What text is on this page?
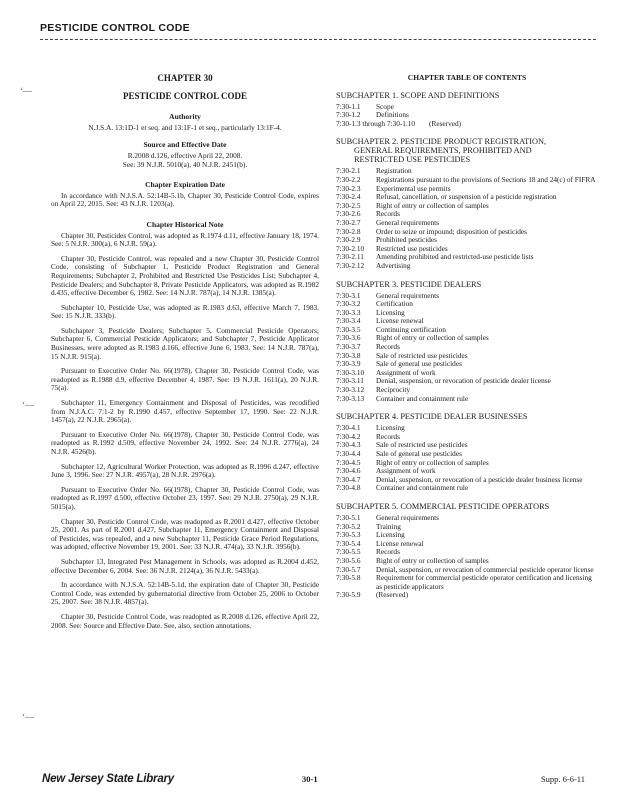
PESTICIDE CONTROL CODE
‘—
‘—
‘—
CHAPTER 30
PESTICIDE CONTROL CODE
Authority
N.J.S.A. 13:1D-1 et seq. and 13:1F-1 et seq., particularly 13:1F-4.
Source and Effective Date
R.2008 d.126, effective April 22, 2008.
See: 39 N.J.R. 5010(a), 40 N.J.R. 2451(b).
Chapter Expiration Date
In accordance with N.J.S.A. 52:14B-5.1b, Chapter 30, Pesticide Control Code, expires on April 22, 2015. See: 43 N.J.R. 1203(a).
Chapter Historical Note
Chapter 30, Pesticides Control, was adopted as R.1974 d.11, effective January 18, 1974. See: 5 N.J.R. 300(a), 6 N.J.R. 59(a).
Chapter 30, Pesticide Control, was repealed and a new Chapter 30, Pesticide Control Code, consisting of Subchapter 1, Pesticide Product Registration and General Requirements; Subchapter 2, Prohibited and Restricted Use Pesticides List; Subchapter 4, Pesticide Dealers; and Subchapter 8, Private Pesticide Applicators, was adopted as R.1982 d.435, effective December 6, 1982. See: 14 N.J.R. 787(a), 14 N.J.R. 1385(a).
Subchapter 10, Pesticide Use, was adopted as R.1983 d.63, effective March 7, 1983. See: 15 N.J.R. 333(b).
Subchapter 3, Pesticide Dealers; Subchapter 5, Commercial Pesticide Operators; Subchapter 6, Commercial Pesticide Applicators; and Subchapter 7, Pesticide Applicator Businesses, were adopted as R.1983 d.166, effective June 6, 1983. See: 14 N.J.R. 787(a), 15 N.J.R. 915(a).
Pursuant to Executive Order No. 66(1978), Chapter 30, Pesticide Control Code, was readopted as R.1988 d.9, effective December 4, 1987. See: 19 N.J.R. 1611(a), 20 N.J.R. 75(a).
Subchapter 11, Emergency Containment and Disposal of Pesticides, was recodified from N.J.A.C. 7:1-2 by R.1990 d.457, effective September 17, 1990. See: 22 N.J.R. 1457(a), 22 N.J.R. 2965(a).
Pursuant to Executive Order No. 66(1978), Chapter 30, Pesticide Control Code, was readopted as R.1992 d.509, effective November 24, 1992. See: 24 N.J.R. 2776(a), 24 N.J.R. 4526(b).
Subchapter 12, Agricultural Worker Protection, was adopted as R.1996 d.247, effective June 3, 1996. See: 27 N.J.R. 4957(a), 28 N.J.R. 2976(a).
Pursuant to Executive Order No. 66(1978), Chapter 30, Pesticide Control Code, was readopted as R.1997 d.500, effective October 23, 1997. See: 29 N.J.R. 2750(a), 29 N.J.R. 5015(a).
Chapter 30, Pesticide Control Code, was readopted as R.2001 d.427, effective October 25, 2001. As part of R.2001 d.427, Subchapter 11, Emergency Containment and Disposal of Pesticides, was repealed, and a new Subchapter 11, Pesticide Grace Period Regulations, was adopted, effective November 19, 2001. See: 33 N.J.R. 474(a), 33 N.J.R. 3956(b).
Subchapter 13, Integrated Pest Management in Schools, was adopted as R.2004 d.452, effective December 6, 2004. See: 36 N.J.R. 2124(a), 36 N.J.R. 5433(a).
In accordance with N.J.S.A. 52:14B-5.1d, the expiration date of Chapter 30, Pesticide Control Code, was extended by gubernatorial directive from October 25, 2006 to October 25, 2007. See: 38 N.J.R. 4857(a).
Chapter 30, Pesticide Control Code, was readopted as R.2008 d.126, effective April 22, 2008. See: Source and Effective Date. See, also, section annotations.
CHAPTER TABLE OF CONTENTS
SUBCHAPTER 1. SCOPE AND DEFINITIONS
7:30-1.1	Scope
7:30-1.2	Definitions
7:30-1.3 through 7:30-1.10 (Reserved)
SUBCHAPTER 2. PESTICIDE PRODUCT REGISTRATION,
GENERAL REQUIREMENTS, PROHIBITED AND
RESTRICTED USE PESTICIDES
7:30-2.1	Registration
7:30-2.2	Registrations pursuant to the provisions of Sections 18 and 24(c) of FIFRA
7:30-2.3	Experimental use permits
7:30-2.4	Refusal, cancellation, or suspension of a pesticide registration
7:30-2.5	Right of entry or collection of samples
7:30-2.6	Records
7:30-2.7	General requirements
7:30-2.8	Order to seize or impound; disposition of pesticides
7:30-2.9	Prohibited pesticides
7:30-2.10	Restricted use pesticides
7:30-2.11	Amending prohibited and restricted-use pesticide lists
7:30-2.12	Advertising
SUBCHAPTER 3. PESTICIDE DEALERS
7:30-3.1	General requirements
7:30-3.2	Certification
7:30-3.3	Licensing
7:30-3.4	License renewal
7:30-3.5	Continuing certification
7:30-3.6	Right of entry or collection of samples
7:30-3.7	Records
7:30-3.8	Sale of restricted use pesticides
7:30-3.9	Sale of general use pesticides
7:30-3.10	Assignment of work
7:30-3.11	Denial, suspension, or revocation of pesticide dealer license
7:30-3.12	Reciprocity
7:30-3.13	Container and containment rule
SUBCHAPTER 4. PESTICIDE DEALER BUSINESSES
7:30-4.1	Licensing
7:30-4.2	Records
7:30-4.3	Sale of restricted use pesticides
7:30-4.4	Sale of general use pesticides
7:30-4.5	Right of entry or collection of samples
7:30-4.6	Assignment of work
7:30-4.7	Denial, suspension, or revocation of a pesticide dealer business license
7:30-4.8	Container and containment rule
SUBCHAPTER 5. COMMERCIAL PESTICIDE OPERATORS
7:30-5.1	General requirements
7:30-5.2	Training
7:30-5.3	Licensing
7:30-5.4	License renewal
7:30-5.5	Records
7:30-5.6	Right of entry or collection of samples
7:30-5.7	Denial, suspension, or revocation of commercial pesticide operator license
7:30-5.8	Requirement for commercial pesticide operator certification and licensing as pesticide applicators
7:30-5.9	(Reserved)
New Jersey State Library	30-1	Supp. 6-6-11
